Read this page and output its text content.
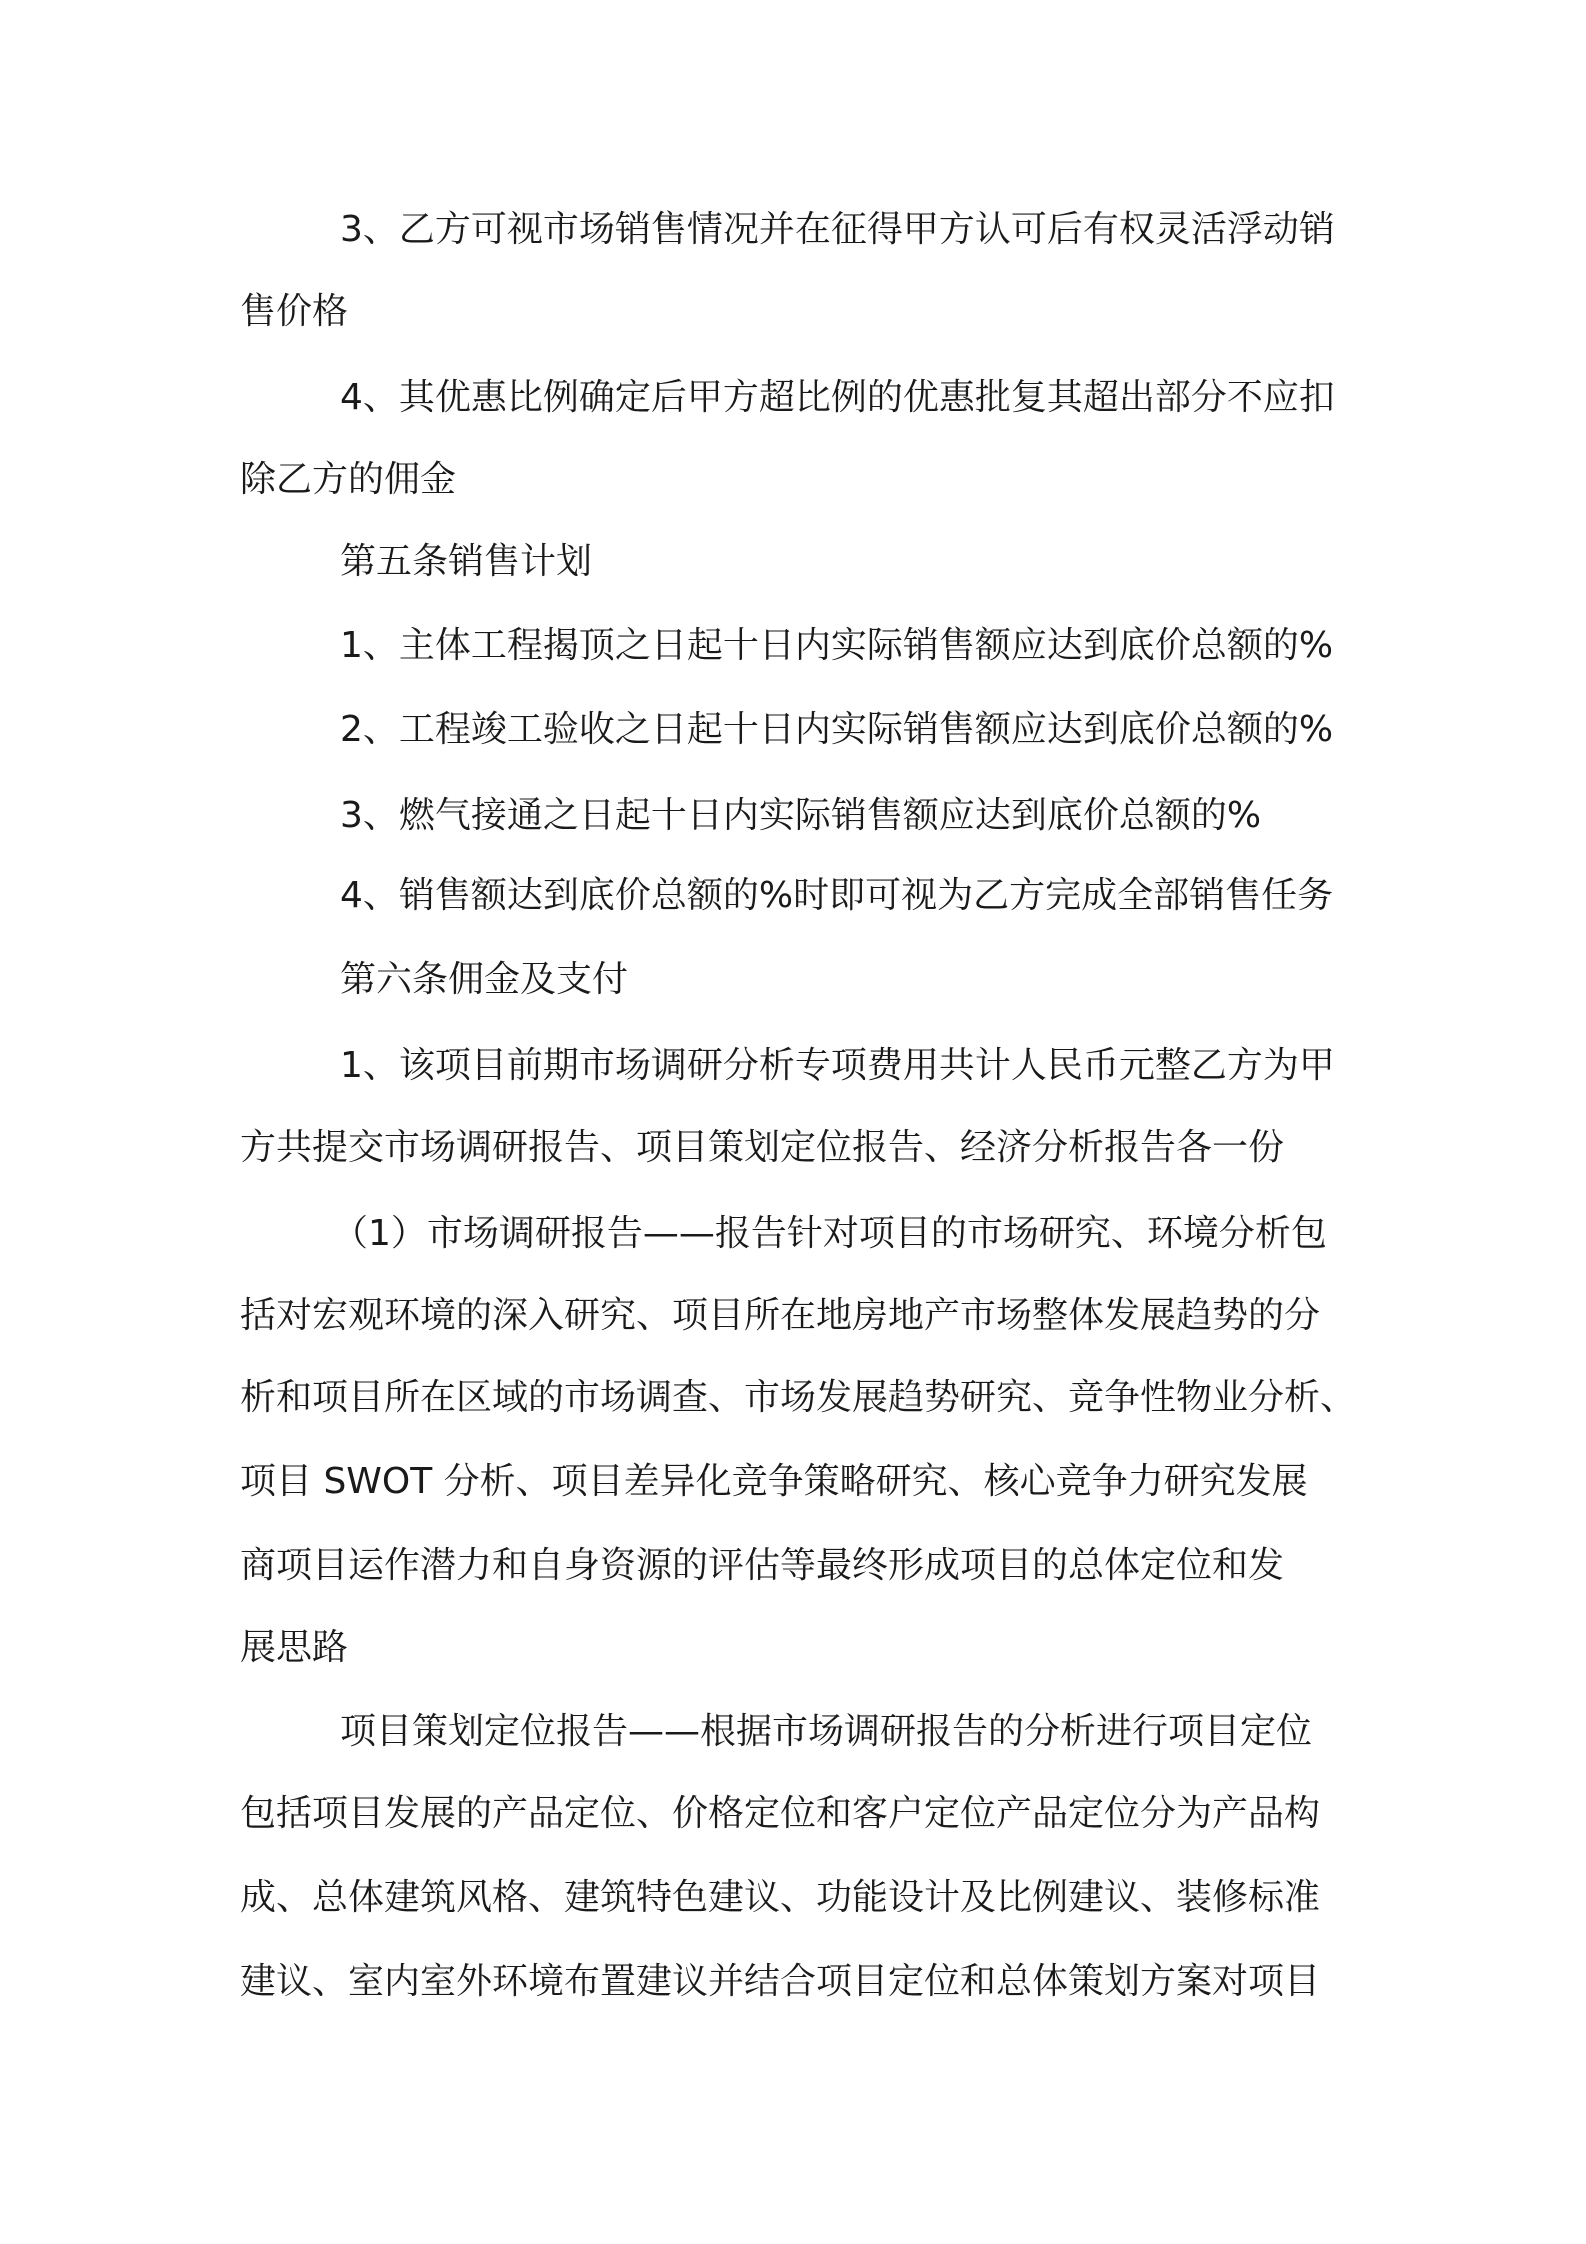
3、乙方可视市场销售情况并在征得甲方认可后有权灵活浮动销
售价格
4、其优惠比例确定后甲方超比例的优惠批复其超出部分不应扣
除乙方的佣金
第五条销售计划
1、主体工程揭顶之日起十日内实际销售额应达到底价总额的%
2、工程竣工验收之日起十日内实际销售额应达到底价总额的%
3、燃气接通之日起十日内实际销售额应达到底价总额的%
4、销售额达到底价总额的%时即可视为乙方完成全部销售任务
第六条佣金及支付
1、该项目前期市场调研分析专项费用共计人民币元整乙方为甲
方共提交市场调研报告、项目策划定位报告、经济分析报告各一份
（1）市场调研报告——报告针对项目的市场研究、环境分析包
括对宏观环境的深入研究、项目所在地房地产市场整体发展趋势的分
析和项目所在区域的市场调查、市场发展趋势研究、竞争性物业分析、
项目 SWOT 分析、项目差异化竞争策略研究、核心竞争力研究发展
商项目运作潜力和自身资源的评估等最终形成项目的总体定位和发
展思路
项目策划定位报告——根据市场调研报告的分析进行项目定位
包括项目发展的产品定位、价格定位和客户定位产品定位分为产品构
成、总体建筑风格、建筑特色建议、功能设计及比例建议、装修标准
建议、室内室外环境布置建议并结合项目定位和总体策划方案对项目
